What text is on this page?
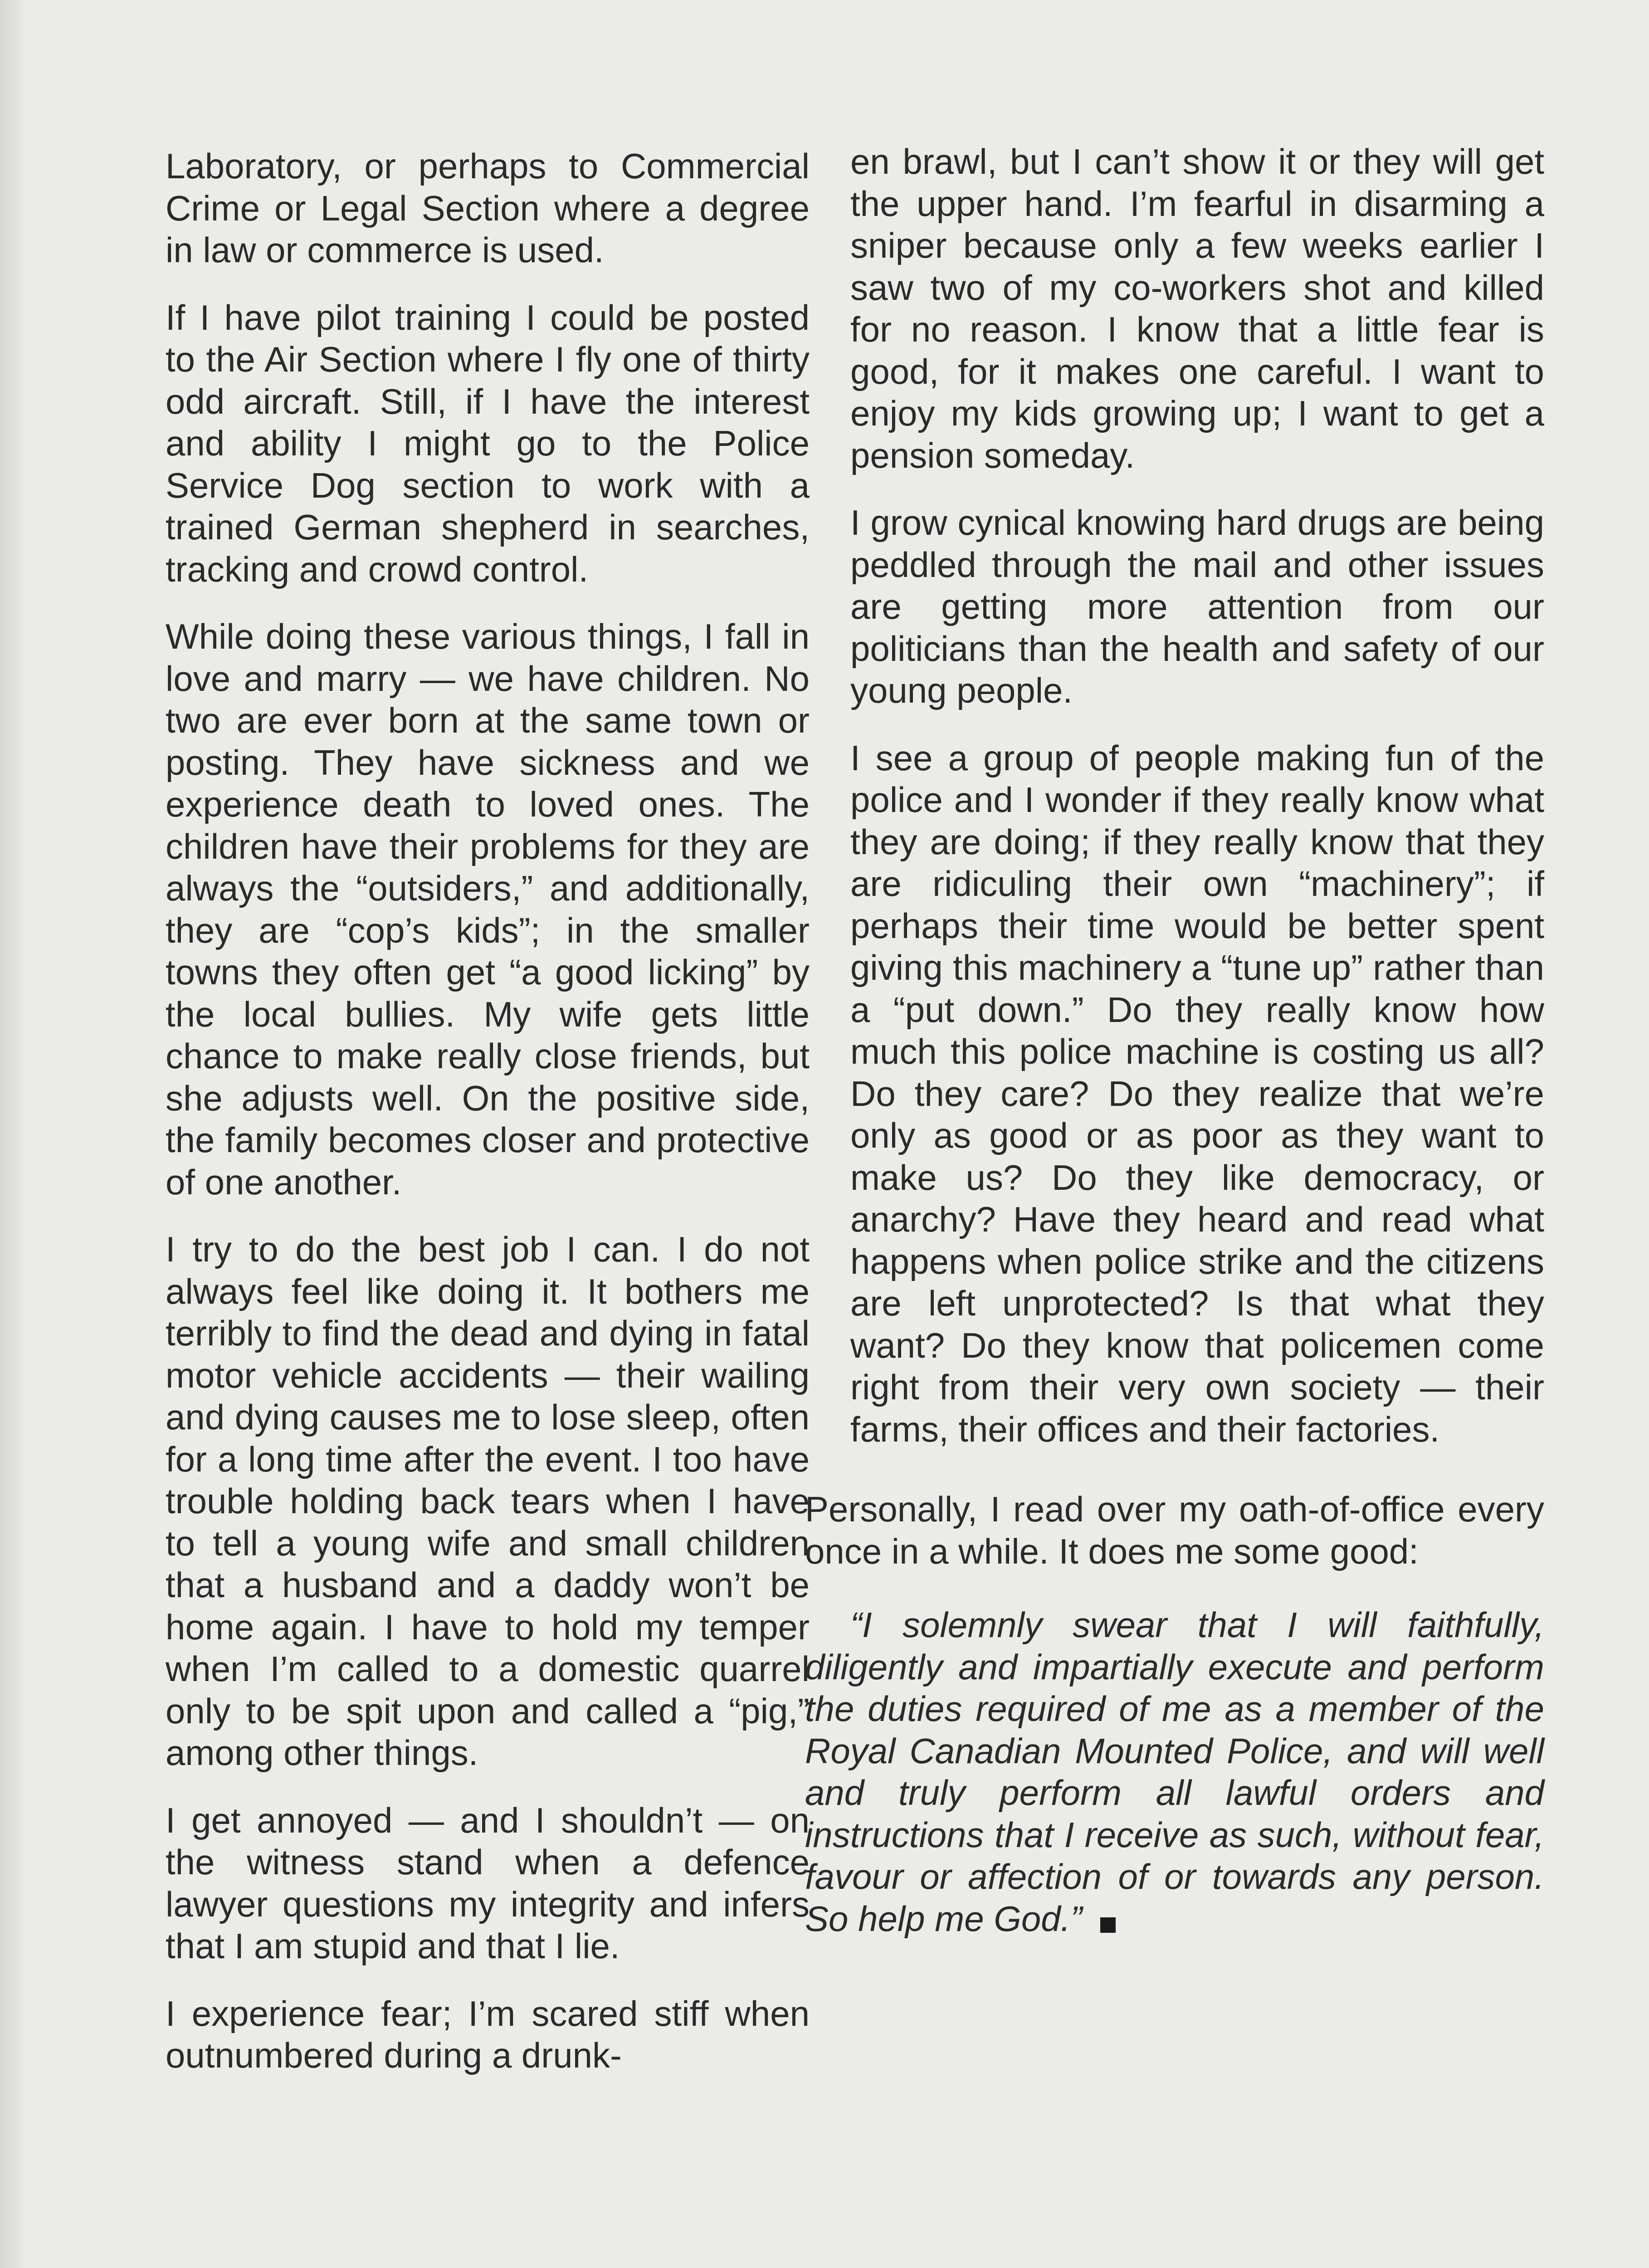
Laboratory, or perhaps to Commercial Crime or Legal Section where a degree in law or commerce is used.

If I have pilot training I could be posted to the Air Section where I fly one of thirty odd aircraft. Still, if I have the interest and ability I might go to the Police Service Dog section to work with a trained German shepherd in searches, tracking and crowd control.

While doing these various things, I fall in love and marry — we have children. No two are ever born at the same town or posting. They have sickness and we experience death to loved ones. The children have their problems for they are always the “outsiders,” and additionally, they are “cop’s kids”; in the smaller towns they often get “a good licking” by the local bullies. My wife gets little chance to make really close friends, but she adjusts well. On the positive side, the family becomes closer and protective of one another.

I try to do the best job I can. I do not always feel like doing it. It bothers me terribly to find the dead and dying in fatal motor vehicle accidents — their wailing and dying causes me to lose sleep, often for a long time after the event. I too have trouble holding back tears when I have to tell a young wife and small children that a husband and a daddy won’t be home again. I have to hold my temper when I’m called to a domestic quarrel only to be spit upon and called a “pig,” among other things.

I get annoyed — and I shouldn’t — on the witness stand when a defence lawyer questions my integrity and infers that I am stupid and that I lie.

I experience fear; I’m scared stiff when outnumbered during a drunk-

en brawl, but I can’t show it or they will get the upper hand. I’m fearful in disarming a sniper because only a few weeks earlier I saw two of my co-workers shot and killed for no reason. I know that a little fear is good, for it makes one careful. I want to enjoy my kids growing up; I want to get a pension someday.

I grow cynical knowing hard drugs are being peddled through the mail and other issues are getting more attention from our politicians than the health and safety of our young people.

I see a group of people making fun of the police and I wonder if they really know what they are doing; if they really know that they are ridiculing their own “machinery”; if perhaps their time would be better spent giving this machinery a “tune up” rather than a “put down.” Do they really know how much this police machine is costing us all? Do they care? Do they realize that we’re only as good or as poor as they want to make us? Do they like democracy, or anarchy? Have they heard and read what happens when police strike and the citizens are left unprotected? Is that what they want? Do they know that policemen come right from their very own society — their farms, their offices and their factories.

Personally, I read over my oath-of-office every once in a while. It does me some good:

“I solemnly swear that I will faithfully, diligently and impartially execute and perform the duties required of me as a member of the Royal Canadian Mounted Police, and will well and truly perform all lawful orders and instructions that I receive as such, without fear, favour or affection of or towards any person. So help me God.”
